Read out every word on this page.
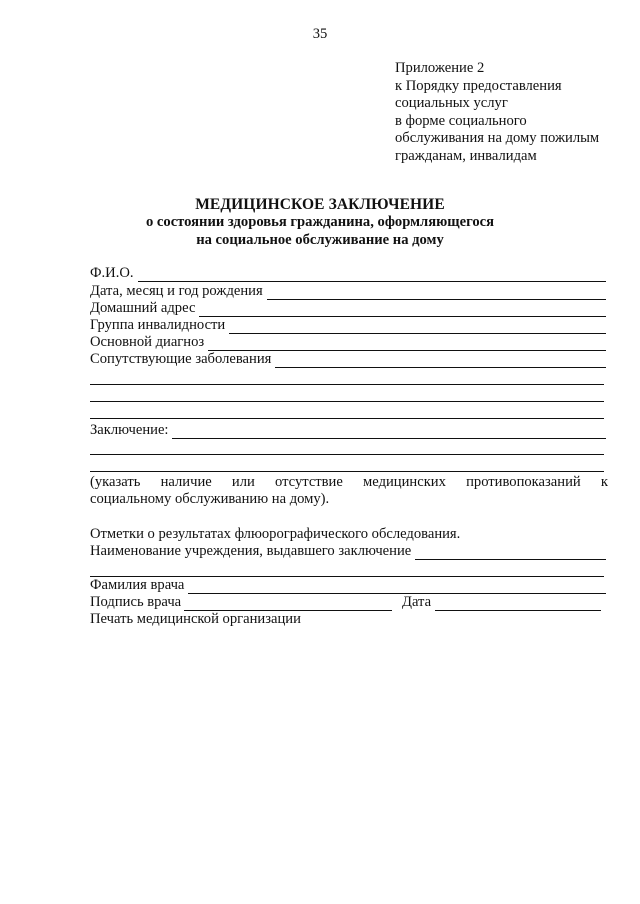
35
Приложение 2
к Порядку предоставления
социальных услуг
в форме социального
обслуживания на дому пожилым
гражданам, инвалидам
МЕДИЦИНСКОЕ ЗАКЛЮЧЕНИЕ
о состоянии здоровья гражданина, оформляющегося
на социальное обслуживание на дому
Ф.И.О.
Дата, месяц и год рождения
Домашний адрес
Группа инвалидности
Основной диагноз
Сопутствующие заболевания
Заключение:
(указать наличие или отсутствие медицинских противопоказаний к
социальному обслуживанию на дому).
Отметки о результатах флюорографического обследования.
Наименование учреждения, выдавшего заключение
Фамилия врача
Подпись врача	Дата
Печать медицинской организации
